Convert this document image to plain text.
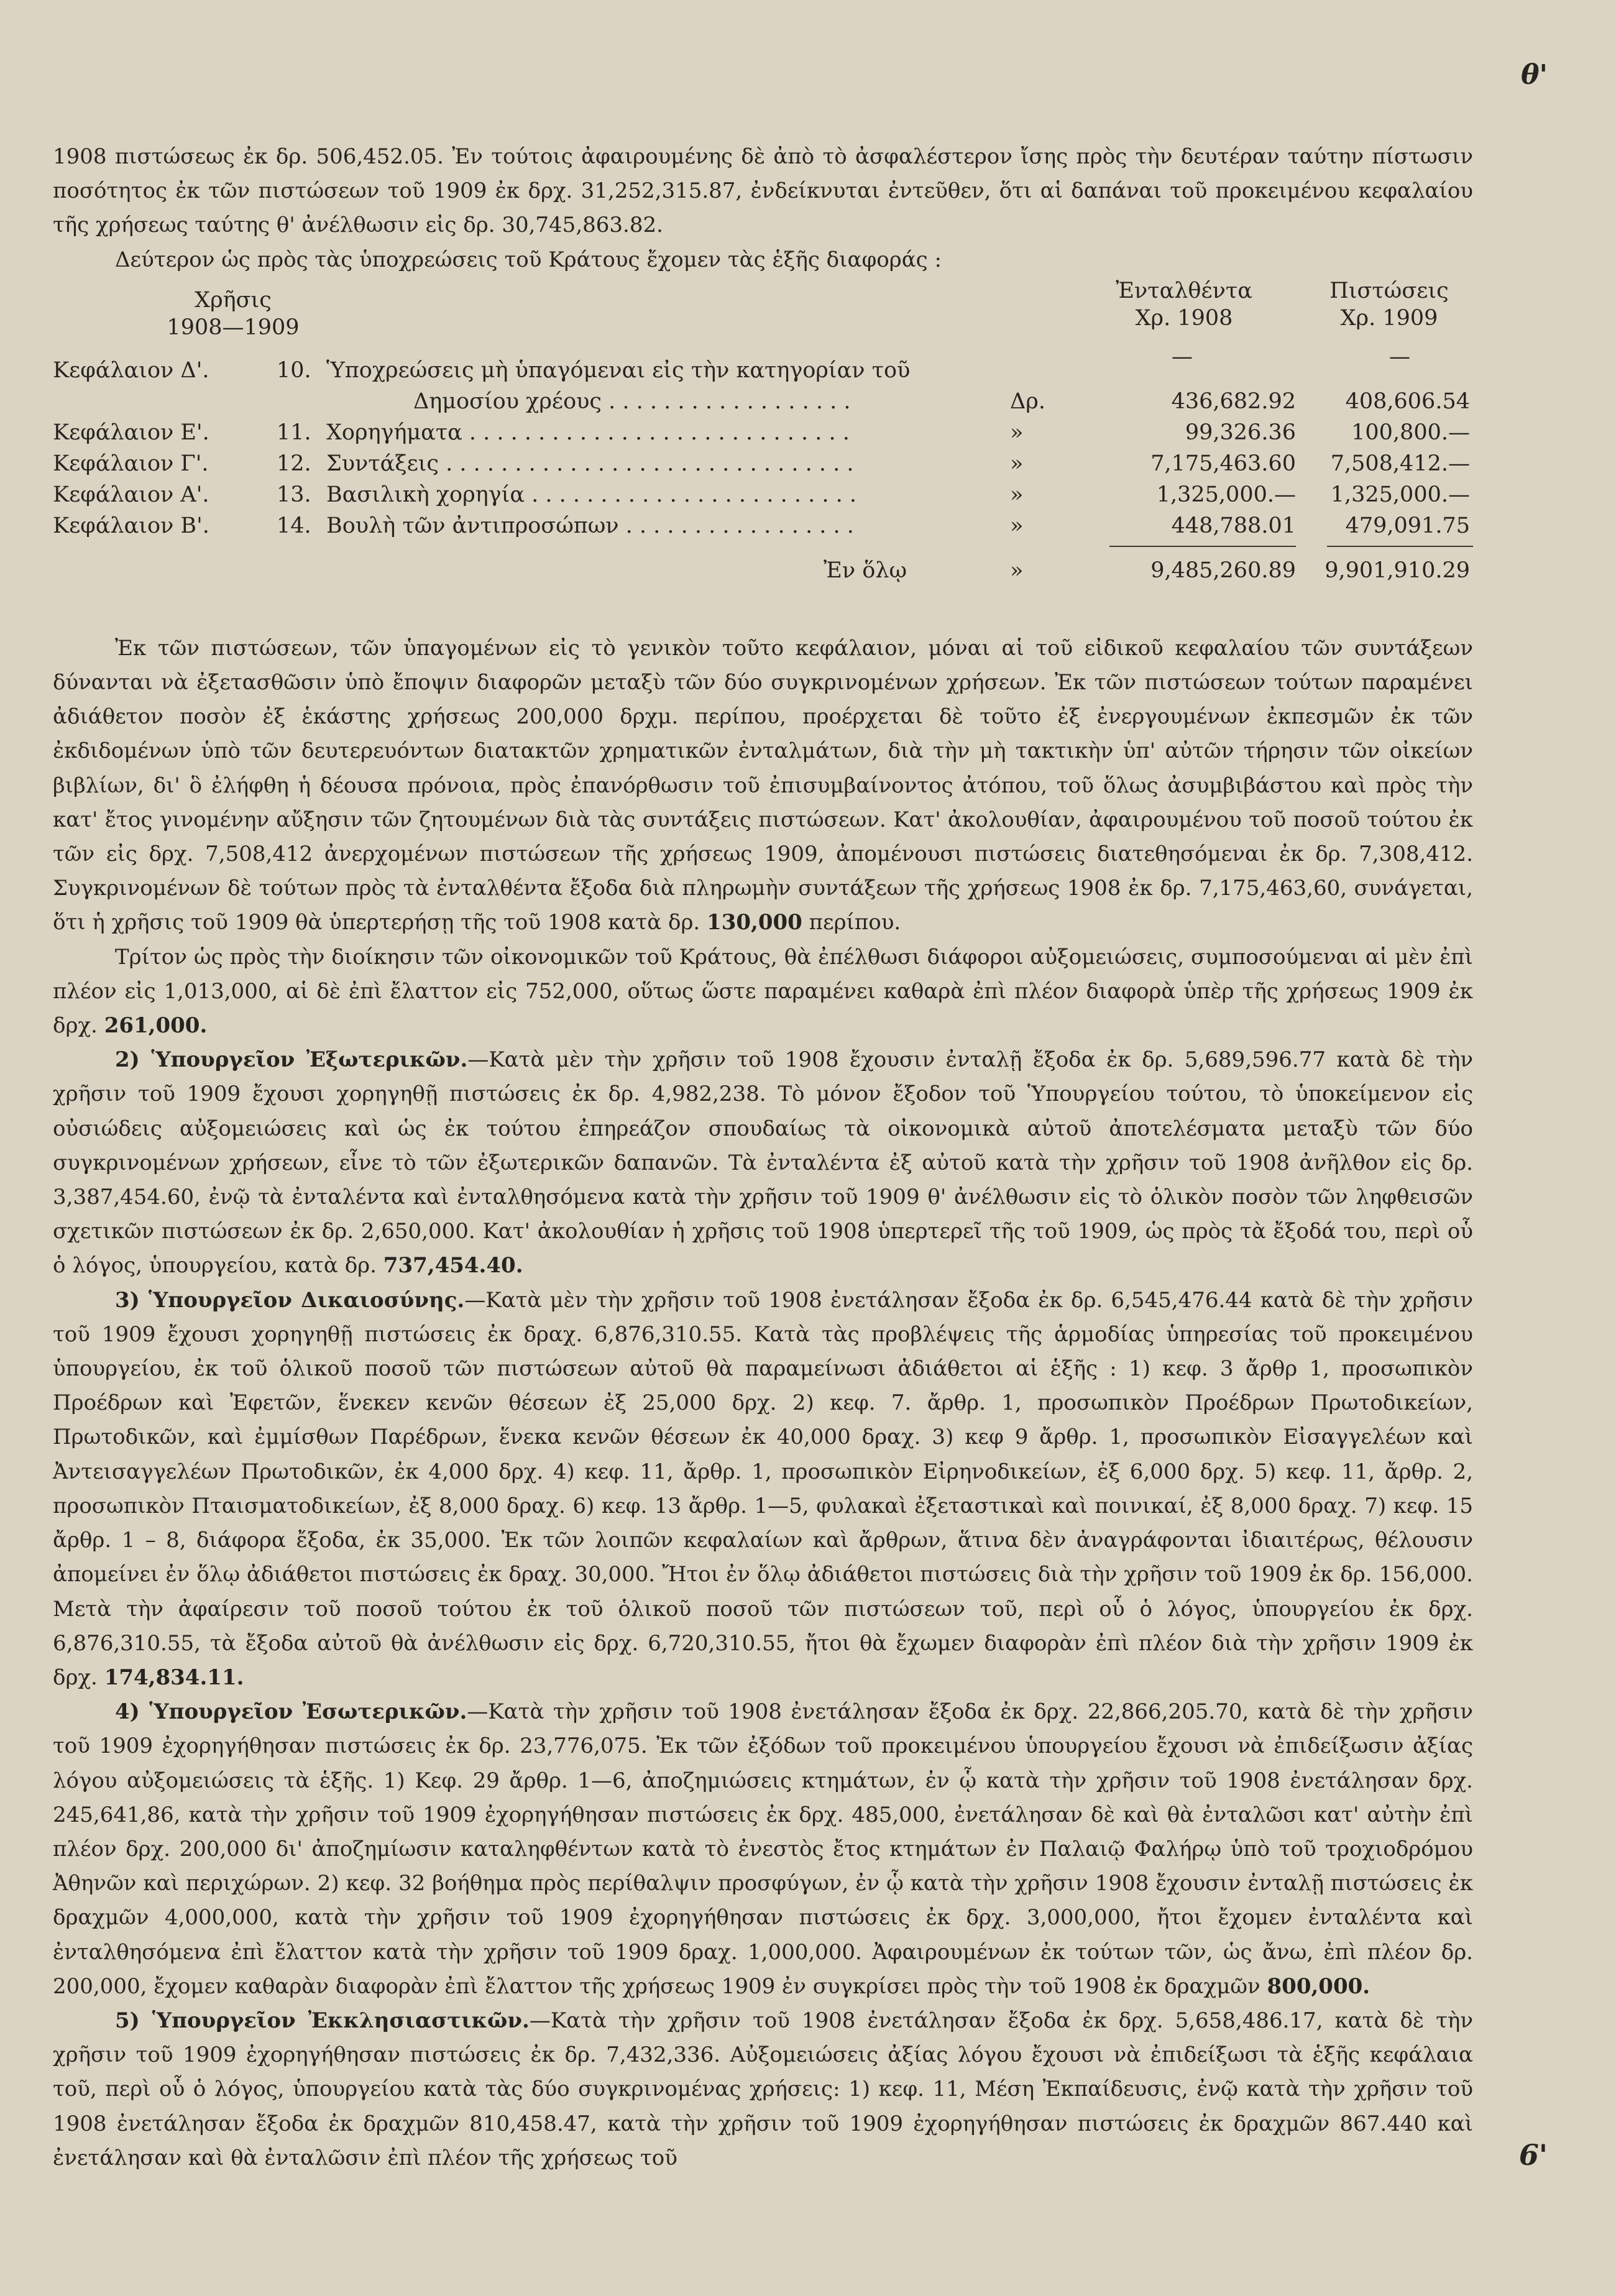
θ'

1908 πιστώσεως ἐκ δρ. 506,452.05. Ἐν τούτοις ἀφαιρουμένης δὲ ἀπὸ τὸ ἀσφαλέστερον ἴσης πρὸς τὴν δευτέραν ταύτην πίστωσιν ποσότητος ἐκ τῶν πιστώσεων τοῦ 1909 ἐκ δρχ. 31,252,315.87, ἐνδείκνυται ἐντεῦθεν, ὅτι αἱ δαπάναι τοῦ προκειμένου κεφαλαίου τῆς χρήσεως ταύτης θ' ἀνέλθωσιν εἰς δρ. 30,745,863.82.

Δεύτερον ὡς πρὸς τὰς ὑποχρεώσεις τοῦ Κράτους ἔχομεν τὰς ἑξῆς διαφοράς :

Χρῆσις
1908—1909
Ἐνταλθέντα
Χρ. 1908
Πιστώσεις
Χρ. 1909
—	—
Κεφάλαιον Δ'.	10. Ὑποχρεώσεις μὴ ὑπαγόμεναι εἰς τὴν κατηγορίαν τοῦ
Δημοσίου χρέους . . . . . . . . . . . . . . . . . .	Δρ.	436,682.92	408,606.54
Κεφάλαιον Ε'.	11. Χορηγήματα . . . . . . . . . . . . . . . . . . . . . . . . . . . .	»	99,326.36	100,800.—
Κεφάλαιον Γ'.	12. Συντάξεις . . . . . . . . . . . . . . . . . . . . . . . . . . . . . .	»	7,175,463.60	7,508,412.—
Κεφάλαιον Α'.	13. Βασιλικὴ χορηγία . . . . . . . . . . . . . . . . . . . . . . . .	»	1,325,000.—	1,325,000.—
Κεφάλαιον Β'.	14. Βουλὴ τῶν ἀντιπροσώπων . . . . . . . . . . . . . . . . .	»	448,788.01	479,091.75
Ἐν ὅλῳ	»	9,485,260.89	9,901,910.29

Ἐκ τῶν πιστώσεων, τῶν ὑπαγομένων εἰς τὸ γενικὸν τοῦτο κεφάλαιον, μόναι αἱ τοῦ εἰδικοῦ κεφαλαίου τῶν συντάξεων δύνανται νὰ ἐξετασθῶσιν ὑπὸ ἔποψιν διαφορῶν μεταξὺ τῶν δύο συγκρινομένων χρήσεων. Ἐκ τῶν πιστώσεων τούτων παραμένει ἀδιάθετον ποσὸν ἐξ ἑκάστης χρήσεως 200,000 δρχμ. περίπου, προέρχεται δὲ τοῦτο ἐξ ἐνεργουμένων ἐκπεσμῶν ἐκ τῶν ἐκδιδομένων ὑπὸ τῶν δευτερευόντων διατακτῶν χρηματικῶν ἐνταλμάτων, διὰ τὴν μὴ τακτικὴν ὑπ' αὐτῶν τήρησιν τῶν οἰκείων βιβλίων, δι' ὃ ἐλήφθη ἡ δέουσα πρόνοια, πρὸς ἐπανόρθωσιν τοῦ ἐπισυμβαίνοντος ἀτόπου, τοῦ ὅλως ἀσυμβιβάστου καὶ πρὸς τὴν κατ' ἔτος γινομένην αὔξησιν τῶν ζητουμένων διὰ τὰς συντάξεις πιστώσεων. Κατ' ἀκολουθίαν, ἀφαιρουμένου τοῦ ποσοῦ τούτου ἐκ τῶν εἰς δρχ. 7,508,412 ἀνερχομένων πιστώσεων τῆς χρήσεως 1909, ἀπομένουσι πιστώσεις διατεθησόμεναι ἐκ δρ. 7,308,412. Συγκρινομένων δὲ τούτων πρὸς τὰ ἐνταλθέντα ἔξοδα διὰ πληρωμὴν συντάξεων τῆς χρήσεως 1908 ἐκ δρ. 7,175,463,60, συνάγεται, ὅτι ἡ χρῆσις τοῦ 1909 θὰ ὑπερτερήσῃ τῆς τοῦ 1908 κατὰ δρ. 130,000 περίπου.

Τρίτον ὡς πρὸς τὴν διοίκησιν τῶν οἰκονομικῶν τοῦ Κράτους, θὰ ἐπέλθωσι διάφοροι αὐξομειώσεις, συμποσούμεναι αἱ μὲν ἐπὶ πλέον εἰς 1,013,000, αἱ δὲ ἐπὶ ἔλαττον εἰς 752,000, οὕτως ὥστε παραμένει καθαρὰ ἐπὶ πλέον διαφορὰ ὑπὲρ τῆς χρήσεως 1909 ἐκ δρχ. 261,000.

2) Ὑπουργεῖον Ἐξωτερικῶν.—Κατὰ μὲν τὴν χρῆσιν τοῦ 1908 ἔχουσιν ἐνταλῇ ἔξοδα ἐκ δρ. 5,689,596.77 κατὰ δὲ τὴν χρῆσιν τοῦ 1909 ἔχουσι χορηγηθῇ πιστώσεις ἐκ δρ. 4,982,238. Τὸ μόνον ἔξοδον τοῦ Ὑπουργείου τούτου, τὸ ὑποκείμενον εἰς οὐσιώδεις αὐξομειώσεις καὶ ὡς ἐκ τούτου ἐπηρεάζον σπουδαίως τὰ οἰκονομικὰ αὐτοῦ ἀποτελέσματα μεταξὺ τῶν δύο συγκρινομένων χρήσεων, εἶνε τὸ τῶν ἐξωτερικῶν δαπανῶν. Τὰ ἐνταλέντα ἐξ αὐτοῦ κατὰ τὴν χρῆσιν τοῦ 1908 ἀνῆλθον εἰς δρ. 3,387,454.60, ἐνῷ τὰ ἐνταλέντα καὶ ἐνταλθησόμενα κατὰ τὴν χρῆσιν τοῦ 1909 θ' ἀνέλθωσιν εἰς τὸ ὁλικὸν ποσὸν τῶν ληφθεισῶν σχετικῶν πιστώσεων ἐκ δρ. 2,650,000. Κατ' ἀκολουθίαν ἡ χρῆσις τοῦ 1908 ὑπερτερεῖ τῆς τοῦ 1909, ὡς πρὸς τὰ ἔξοδά του, περὶ οὗ ὁ λόγος, ὑπουργείου, κατὰ δρ. 737,454.40.

3) Ὑπουργεῖον Δικαιοσύνης.—Κατὰ μὲν τὴν χρῆσιν τοῦ 1908 ἐνετάλησαν ἔξοδα ἐκ δρ. 6,545,476.44 κατὰ δὲ τὴν χρῆσιν τοῦ 1909 ἔχουσι χορηγηθῇ πιστώσεις ἐκ δραχ. 6,876,310.55. Κατὰ τὰς προβλέψεις τῆς ἁρμοδίας ὑπηρεσίας τοῦ προκειμένου ὑπουργείου, ἐκ τοῦ ὁλικοῦ ποσοῦ τῶν πιστώσεων αὐτοῦ θὰ παραμείνωσι ἀδιάθετοι αἱ ἑξῆς : 1) κεφ. 3 ἄρθρ 1, προσωπικὸν Προέδρων καὶ Ἐφετῶν, ἕνεκεν κενῶν θέσεων ἐξ 25,000 δρχ. 2) κεφ. 7. ἄρθρ. 1, προσωπικὸν Προέδρων Πρωτοδικείων, Πρωτοδικῶν, καὶ ἐμμίσθων Παρέδρων, ἕνεκα κενῶν θέσεων ἐκ 40,000 δραχ. 3) κεφ 9 ἄρθρ. 1, προσωπικὸν Εἰσαγγελέων καὶ Ἀντεισαγγελέων Πρωτοδικῶν, ἐκ 4,000 δρχ. 4) κεφ. 11, ἄρθρ. 1, προσωπικὸν Εἰρηνοδικείων, ἐξ 6,000 δρχ. 5) κεφ. 11, ἄρθρ. 2, προσωπικὸν Πταισματοδικείων, ἐξ 8,000 δραχ. 6) κεφ. 13 ἄρθρ. 1—5, φυλακαὶ ἐξεταστικαὶ καὶ ποινικαί, ἐξ 8,000 δραχ. 7) κεφ. 15 ἄρθρ. 1 – 8, διάφορα ἔξοδα, ἐκ 35,000. Ἐκ τῶν λοιπῶν κεφαλαίων καὶ ἄρθρων, ἅτινα δὲν ἀναγράφονται ἰδιαιτέρως, θέλουσιν ἀπομείνει ἐν ὅλῳ ἀδιάθετοι πιστώσεις ἐκ δραχ. 30,000. Ἤτοι ἐν ὅλῳ ἀδιάθετοι πιστώσεις διὰ τὴν χρῆσιν τοῦ 1909 ἐκ δρ. 156,000. Μετὰ τὴν ἀφαίρεσιν τοῦ ποσοῦ τούτου ἐκ τοῦ ὁλικοῦ ποσοῦ τῶν πιστώσεων τοῦ, περὶ οὗ ὁ λόγος, ὑπουργείου ἐκ δρχ. 6,876,310.55, τὰ ἔξοδα αὐτοῦ θὰ ἀνέλθωσιν εἰς δρχ. 6,720,310.55, ἤτοι θὰ ἔχωμεν διαφορὰν ἐπὶ πλέον διὰ τὴν χρῆσιν 1909 ἐκ δρχ. 174,834.11.

4) Ὑπουργεῖον Ἐσωτερικῶν.—Κατὰ τὴν χρῆσιν τοῦ 1908 ἐνετάλησαν ἔξοδα ἐκ δρχ. 22,866,205.70, κατὰ δὲ τὴν χρῆσιν τοῦ 1909 ἐχορηγήθησαν πιστώσεις ἐκ δρ. 23,776,075. Ἐκ τῶν ἐξόδων τοῦ προκειμένου ὑπουργείου ἔχουσι νὰ ἐπιδείξωσιν ἀξίας λόγου αὐξομειώσεις τὰ ἑξῆς. 1) Κεφ. 29 ἄρθρ. 1—6, ἀποζημιώσεις κτημάτων, ἐν ᾧ κατὰ τὴν χρῆσιν τοῦ 1908 ἐνετάλησαν δρχ. 245,641,86, κατὰ τὴν χρῆσιν τοῦ 1909 ἐχορηγήθησαν πιστώσεις ἐκ δρχ. 485,000, ἐνετάλησαν δὲ καὶ θὰ ἐνταλῶσι κατ' αὐτὴν ἐπὶ πλέον δρχ. 200,000 δι' ἀποζημίωσιν καταληφθέντων κατὰ τὸ ἐνεστὸς ἔτος κτημάτων ἐν Παλαιῷ Φαλήρῳ ὑπὸ τοῦ τροχιοδρόμου Ἀθηνῶν καὶ περιχώρων. 2) κεφ. 32 βοήθημα πρὸς περίθαλψιν προσφύγων, ἐν ᾧ κατὰ τὴν χρῆσιν 1908 ἔχουσιν ἐνταλῇ πιστώσεις ἐκ δραχμῶν 4,000,000, κατὰ τὴν χρῆσιν τοῦ 1909 ἐχορηγήθησαν πιστώσεις ἐκ δρχ. 3,000,000, ἤτοι ἔχομεν ἐνταλέντα καὶ ἐνταλθησόμενα ἐπὶ ἔλαττον κατὰ τὴν χρῆσιν τοῦ 1909 δραχ. 1,000,000. Ἀφαιρουμένων ἐκ τούτων τῶν, ὡς ἄνω, ἐπὶ πλέον δρ. 200,000, ἔχομεν καθαρὰν διαφορὰν ἐπὶ ἔλαττον τῆς χρήσεως 1909 ἐν συγκρίσει πρὸς τὴν τοῦ 1908 ἐκ δραχμῶν 800,000.

5) Ὑπουργεῖον Ἐκκλησιαστικῶν.—Κατὰ τὴν χρῆσιν τοῦ 1908 ἐνετάλησαν ἔξοδα ἐκ δρχ. 5,658,486.17, κατὰ δὲ τὴν χρῆσιν τοῦ 1909 ἐχορηγήθησαν πιστώσεις ἐκ δρ. 7,432,336. Αὐξομειώσεις ἀξίας λόγου ἔχουσι νὰ ἐπιδείξωσι τὰ ἑξῆς κεφάλαια τοῦ, περὶ οὗ ὁ λόγος, ὑπουργείου κατὰ τὰς δύο συγκρινομένας χρήσεις: 1) κεφ. 11, Μέση Ἐκπαίδευσις, ἐνῷ κατὰ τὴν χρῆσιν τοῦ 1908 ἐνετάλησαν ἔξοδα ἐκ δραχμῶν 810,458.47, κατὰ τὴν χρῆσιν τοῦ 1909 ἐχορηγήθησαν πιστώσεις ἐκ δραχμῶν 867.440 καὶ ἐνετάλησαν καὶ θὰ ἐνταλῶσιν ἐπὶ πλέον τῆς χρήσεως τοῦ	6'
